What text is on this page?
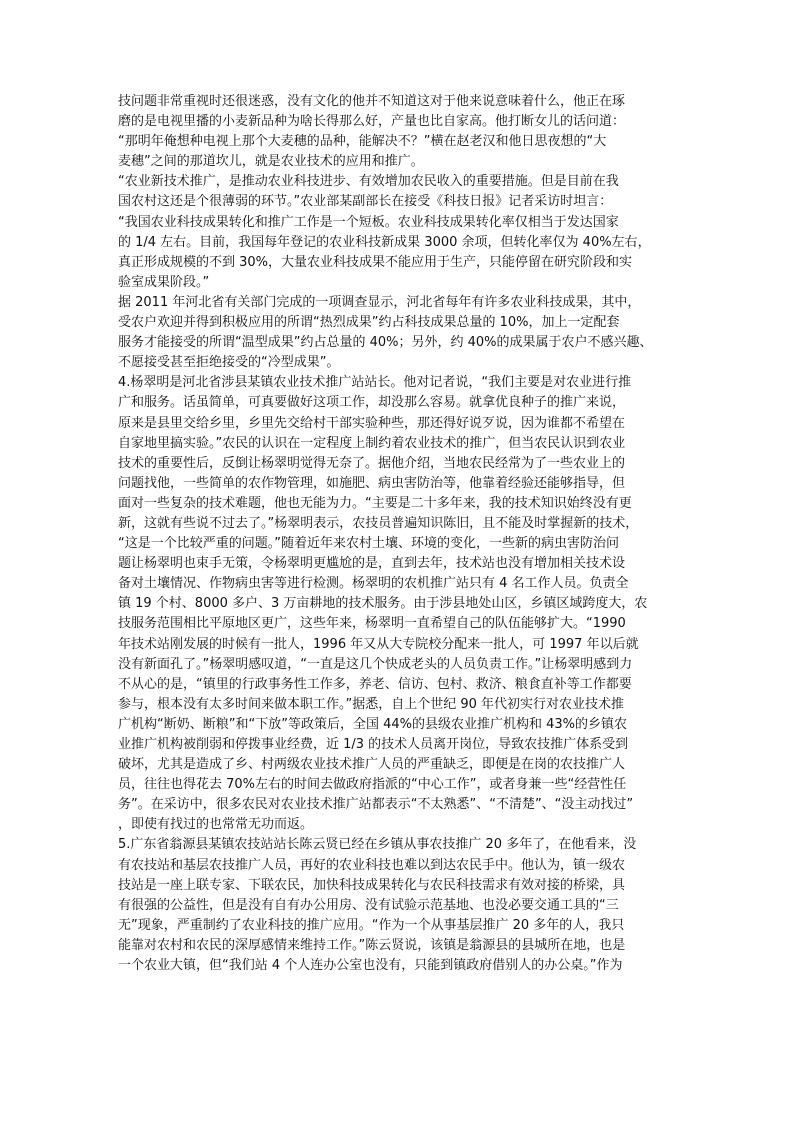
技问题非常重视时还很迷惑，没有文化的他并不知道这对于他来说意味着什么，他正在琢
磨的是电视里播的小麦新品种为啥长得那么好，产量也比自家高。他打断女儿的话问道：
“那明年俺想种电视上那个大麦穗的品种，能解决不？”横在赵老汉和他日思夜想的“大
麦穗”之间的那道坎儿，就是农业技术的应用和推广。
“农业新技术推广，是推动农业科技进步、有效增加农民收入的重要措施。但是目前在我
国农村这还是个很薄弱的环节。”农业部某副部长在接受《科技日报》记者采访时坦言：
“我国农业科技成果转化和推广工作是一个短板。农业科技成果转化率仅相当于发达国家
的 1/4 左右。目前，我国每年登记的农业科技新成果 3000 余项，但转化率仅为 40%左右，
真正形成规模的不到 30%，大量农业科技成果不能应用于生产，只能停留在研究阶段和实
验室成果阶段。”
据 2011 年河北省有关部门完成的一项调查显示，河北省每年有许多农业科技成果，其中，
受农户欢迎并得到积极应用的所谓“热烈成果”约占科技成果总量的 10%，加上一定配套
服务才能接受的所谓“温型成果”约占总量的 40%；另外，约 40%的成果属于农户不感兴趣、
不愿接受甚至拒绝接受的“冷型成果”。
4.杨翠明是河北省涉县某镇农业技术推广站站长。他对记者说，“我们主要是对农业进行推
广和服务。话虽简单，可真要做好这项工作，却没那么容易。就拿优良种子的推广来说，
原来是县里交给乡里，乡里先交给村干部实验种些，那还得好说歹说，因为谁都不希望在
自家地里搞实验。”农民的认识在一定程度上制约着农业技术的推广，但当农民认识到农业
技术的重要性后，反倒让杨翠明觉得无奈了。据他介绍，当地农民经常为了一些农业上的
问题找他，一些简单的农作物管理，如施肥、病虫害防治等，他靠着经验还能够指导，但
面对一些复杂的技术难题，他也无能为力。“主要是二十多年来，我的技术知识始终没有更
新，这就有些说不过去了。”杨翠明表示，农技员普遍知识陈旧，且不能及时掌握新的技术，
“这是一个比较严重的问题。”随着近年来农村土壤、环境的变化，一些新的病虫害防治问
题让杨翠明也束手无策，令杨翠明更尴尬的是，直到去年，技术站也没有增加相关技术设
备对土壤情况、作物病虫害等进行检测。杨翠明的农机推广站只有 4 名工作人员。负责全
镇 19 个村、8000 多户、3 万亩耕地的技术服务。由于涉县地处山区，乡镇区域跨度大，农
技服务范围相比平原地区更广，这些年来，杨翠明一直希望自己的队伍能够扩大。“1990
年技术站刚发展的时候有一批人，1996 年又从大专院校分配来一批人，可 1997 年以后就
没有新面孔了。”杨翠明感叹道，“一直是这几个快成老头的人员负责工作。”让杨翠明感到力
不从心的是，“镇里的行政事务性工作多，养老、信访、包村、救济、粮食直补等工作都要
参与，根本没有太多时间来做本职工作。”据悉，自上个世纪 90 年代初实行对农业技术推
广机构“断奶、断粮”和“下放”等政策后，全国 44%的县级农业推广机构和 43%的乡镇农
业推广机构被削弱和停拨事业经费，近 1/3 的技术人员离开岗位，导致农技推广体系受到
破坏，尤其是造成了乡、村两级农业技术推广人员的严重缺乏，即便是在岗的农技推广人
员，往往也得花去 70%左右的时间去做政府指派的“中心工作”，或者身兼一些“经营性任
务”。在采访中，很多农民对农业技术推广站都表示“不太熟悉”、“不清楚”、“没主动找过”
，即使有找过的也常常无功而返。
5.广东省翁源县某镇农技站站长陈云贤已经在乡镇从事农技推广 20 多年了，在他看来，没
有农技站和基层农技推广人员，再好的农业科技也难以到达农民手中。他认为，镇一级农
技站是一座上联专家、下联农民，加快科技成果转化与农民科技需求有效对接的桥梁，具
有很强的公益性，但是没有自有办公用房、没有试验示范基地、也没必要交通工具的“三
无”现象，严重制约了农业科技的推广应用。“作为一个从事基层推广 20 多年的人，我只
能靠对农村和农民的深厚感情来维持工作。”陈云贤说，该镇是翁源县的县城所在地，也是
一个农业大镇，但“我们站 4 个人连办公室也没有，只能到镇政府借别人的办公桌。”作为
